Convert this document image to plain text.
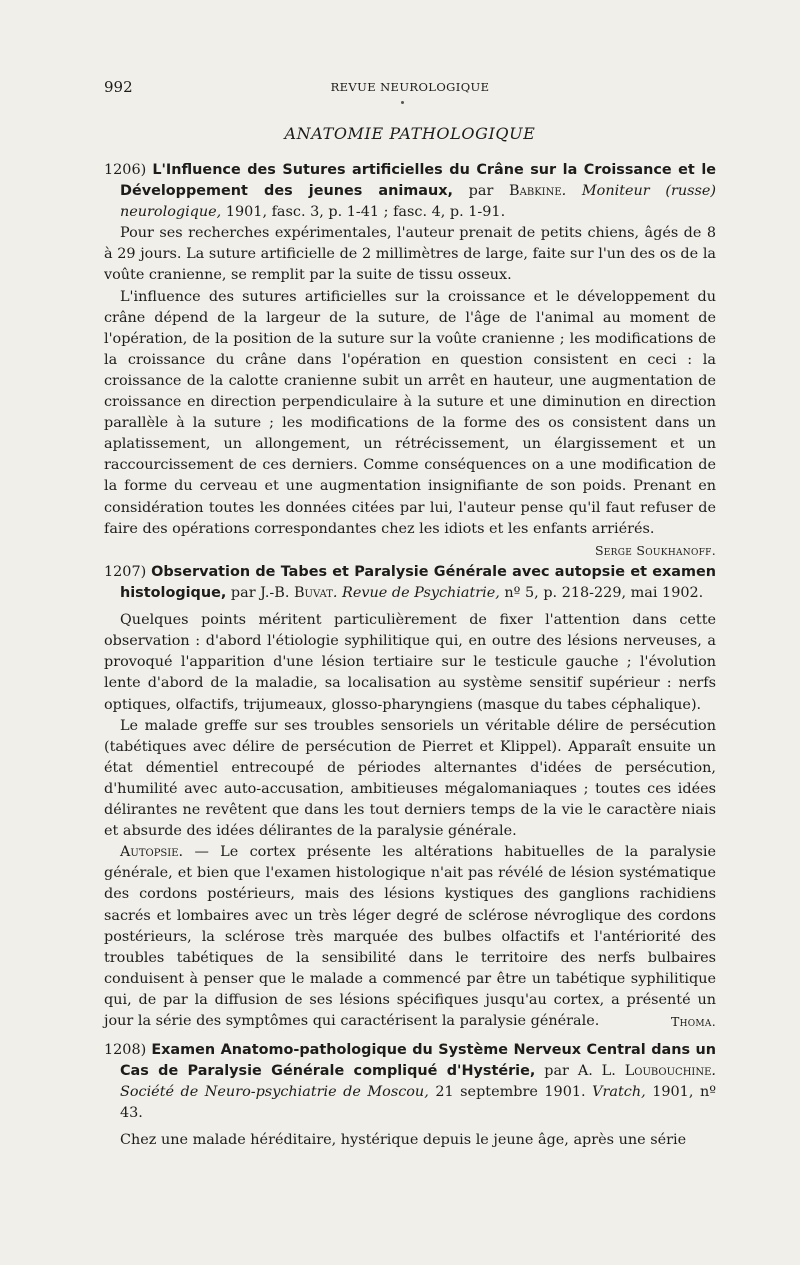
992	REVUE NEUROLOGIQUE
ANATOMIE PATHOLOGIQUE

1206) L'Influence des Sutures artificielles du Crâne sur la Croissance et le Développement des jeunes animaux, par Babkine. Moniteur (russe) neurologique, 1901, fasc. 3, p. 1-41 ; fasc. 4, p. 1-91.

Pour ses recherches expérimentales, l'auteur prenait de petits chiens, âgés de 8 à 29 jours. La suture artificielle de 2 millimètres de large, faite sur l'un des os de la voûte cranienne, se remplit par la suite de tissu osseux.

L'influence des sutures artificielles sur la croissance et le développement du crâne dépend de la largeur de la suture, de l'âge de l'animal au moment de l'opération, de la position de la suture sur la voûte cranienne ; les modifications de la croissance du crâne dans l'opération en question consistent en ceci : la croissance de la calotte cranienne subit un arrêt en hauteur, une augmentation de croissance en direction perpendiculaire à la suture et une diminution en direction parallèle à la suture ; les modifications de la forme des os consistent dans un aplatissement, un allongement, un rétrécissement, un élargissement et un raccourcissement de ces derniers. Comme conséquences on a une modification de la forme du cerveau et une augmentation insignifiante de son poids. Prenant en considération toutes les données citées par lui, l'auteur pense qu'il faut refuser de faire des opérations correspondantes chez les idiots et les enfants arriérés.

Serge Soukhanoff.

1207) Observation de Tabes et Paralysie Générale avec autopsie et examen histologique, par J.-B. Buvat. Revue de Psychiatrie, nº 5, p. 218-229, mai 1902.

Quelques points méritent particulièrement de fixer l'attention dans cette observation : d'abord l'étiologie syphilitique qui, en outre des lésions nerveuses, a provoqué l'apparition d'une lésion tertiaire sur le testicule gauche ; l'évolution lente d'abord de la maladie, sa localisation au système sensitif supérieur : nerfs optiques, olfactifs, trijumeaux, glosso-pharyngiens (masque du tabes céphalique).

Le malade greffe sur ses troubles sensoriels un véritable délire de persécution (tabétiques avec délire de persécution de Pierret et Klippel). Apparaît ensuite un état démentiel entrecoupé de périodes alternantes d'idées de persécution, d'humilité avec auto-accusation, ambitieuses mégalomaniaques ; toutes ces idées délirantes ne revêtent que dans les tout derniers temps de la vie le caractère niais et absurde des idées délirantes de la paralysie générale.

Autopsie. — Le cortex présente les altérations habituelles de la paralysie générale, et bien que l'examen histologique n'ait pas révélé de lésion systématique des cordons postérieurs, mais des lésions kystiques des ganglions rachidiens sacrés et lombaires avec un très léger degré de sclérose névroglique des cordons postérieurs, la sclérose très marquée des bulbes olfactifs et l'antériorité des troubles tabétiques de la sensibilité dans le territoire des nerfs bulbaires conduisent à penser que le malade a commencé par être un tabétique syphilitique qui, de par la diffusion de ses lésions spécifiques jusqu'au cortex, a présenté un jour la série des symptômes qui caractérisent la paralysie générale.	Thoma.

1208) Examen Anatomo-pathologique du Système Nerveux Central dans un Cas de Paralysie Générale compliqué d'Hystérie, par A. L. Loubouchine. Société de Neuro-psychiatrie de Moscou, 21 septembre 1901. Vratch, 1901, nº 43.

Chez une malade héréditaire, hystérique depuis le jeune âge, après une série
